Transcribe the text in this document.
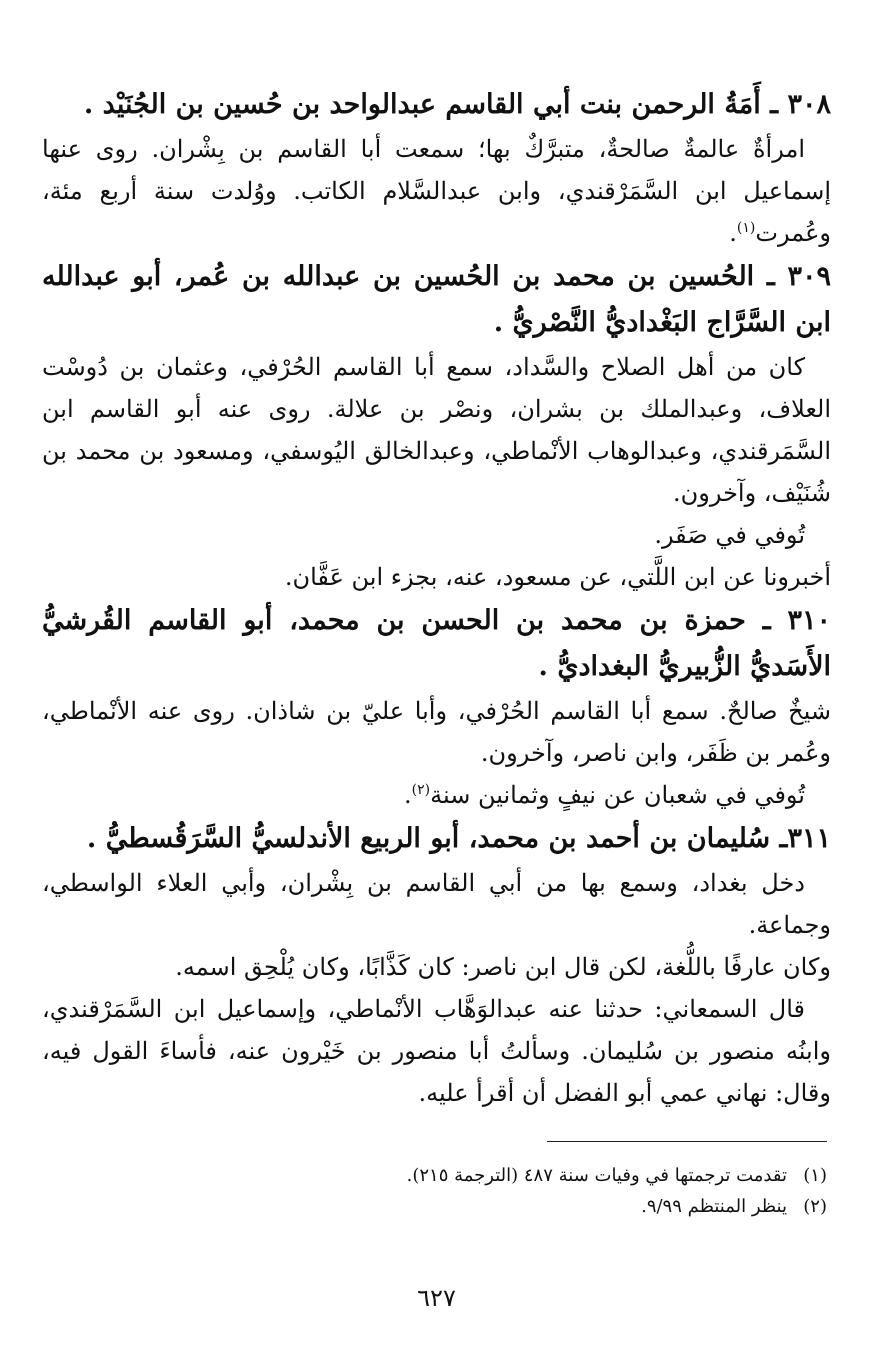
٣٠٨ ـ أَمَةُ الرحمن بنت أبي القاسم عبدالواحد بن حُسين بن الجُنَيْد .

امرأةٌ عالمةٌ صالحةٌ، متبرَّكٌ بها؛ سمعت أبا القاسم بن بِشْران. روى عنها إسماعيل ابن السَّمَرْقندي، وابن عبدالسَّلام الكاتب. ووُلدت سنة أربع مئة، وعُمرت$^{(١)}$.

٣٠٩ ـ الحُسين بن محمد بن الحُسين بن عبدالله بن عُمر، أبو عبدالله ابن السَّرَّاج البَغْداديُّ النَّصْريُّ .

كان من أهل الصلاح والسَّداد، سمع أبا القاسم الحُرْفي، وعثمان بن دُوسْت العلاف، وعبدالملك بن بشران، ونصْر بن علالة. روى عنه أبو القاسم ابن السَّمَرقندي، وعبدالوهاب الأنْماطي، وعبدالخالق اليُوسفي، ومسعود بن محمد بن شُنَيْف، وآخرون.

تُوفي في صَفَر.

أخبرونا عن ابن اللَّتي، عن مسعود، عنه، بجزء ابن عَفَّان.

٣١٠ ـ حمزة بن محمد بن الحسن بن محمد، أبو القاسم القُرشيُّ الأَسَديُّ الزُّبيريُّ البغداديُّ .

شيخٌ صالحٌ. سمع أبا القاسم الحُرْفي، وأبا عليّ بن شاذان. روى عنه الأنْماطي، وعُمر بن ظَفَر، وابن ناصر، وآخرون.

تُوفي في شعبان عن نيفٍ وثمانين سنة$^{(٢)}$.

٣١١ـ سُليمان بن أحمد بن محمد، أبو الربيع الأندلسيُّ السَّرَقُسطيُّ .

دخل بغداد، وسمع بها من أبي القاسم بن بِشْران، وأبي العلاء الواسطي، وجماعة.

وكان عارفًا باللُّغة، لكن قال ابن ناصر: كان كَذَّابًا، وكان يُلْحِق اسمه.

قال السمعاني: حدثنا عنه عبدالوَهَّاب الأنْماطي، وإسماعيل ابن السَّمَرْقندي، وابنُه منصور بن سُليمان. وسألتُ أبا منصور بن خَيْرون عنه، فأساءَ القول فيه، وقال: نهاني عمي أبو الفضل أن أقرأ عليه.

(١)تقدمت ترجمتها في وفيات سنة ٤٨٧ (الترجمة ٢١٥).

(٢)ينظر المنتظم ٩/٩٩.

٦٢٧
